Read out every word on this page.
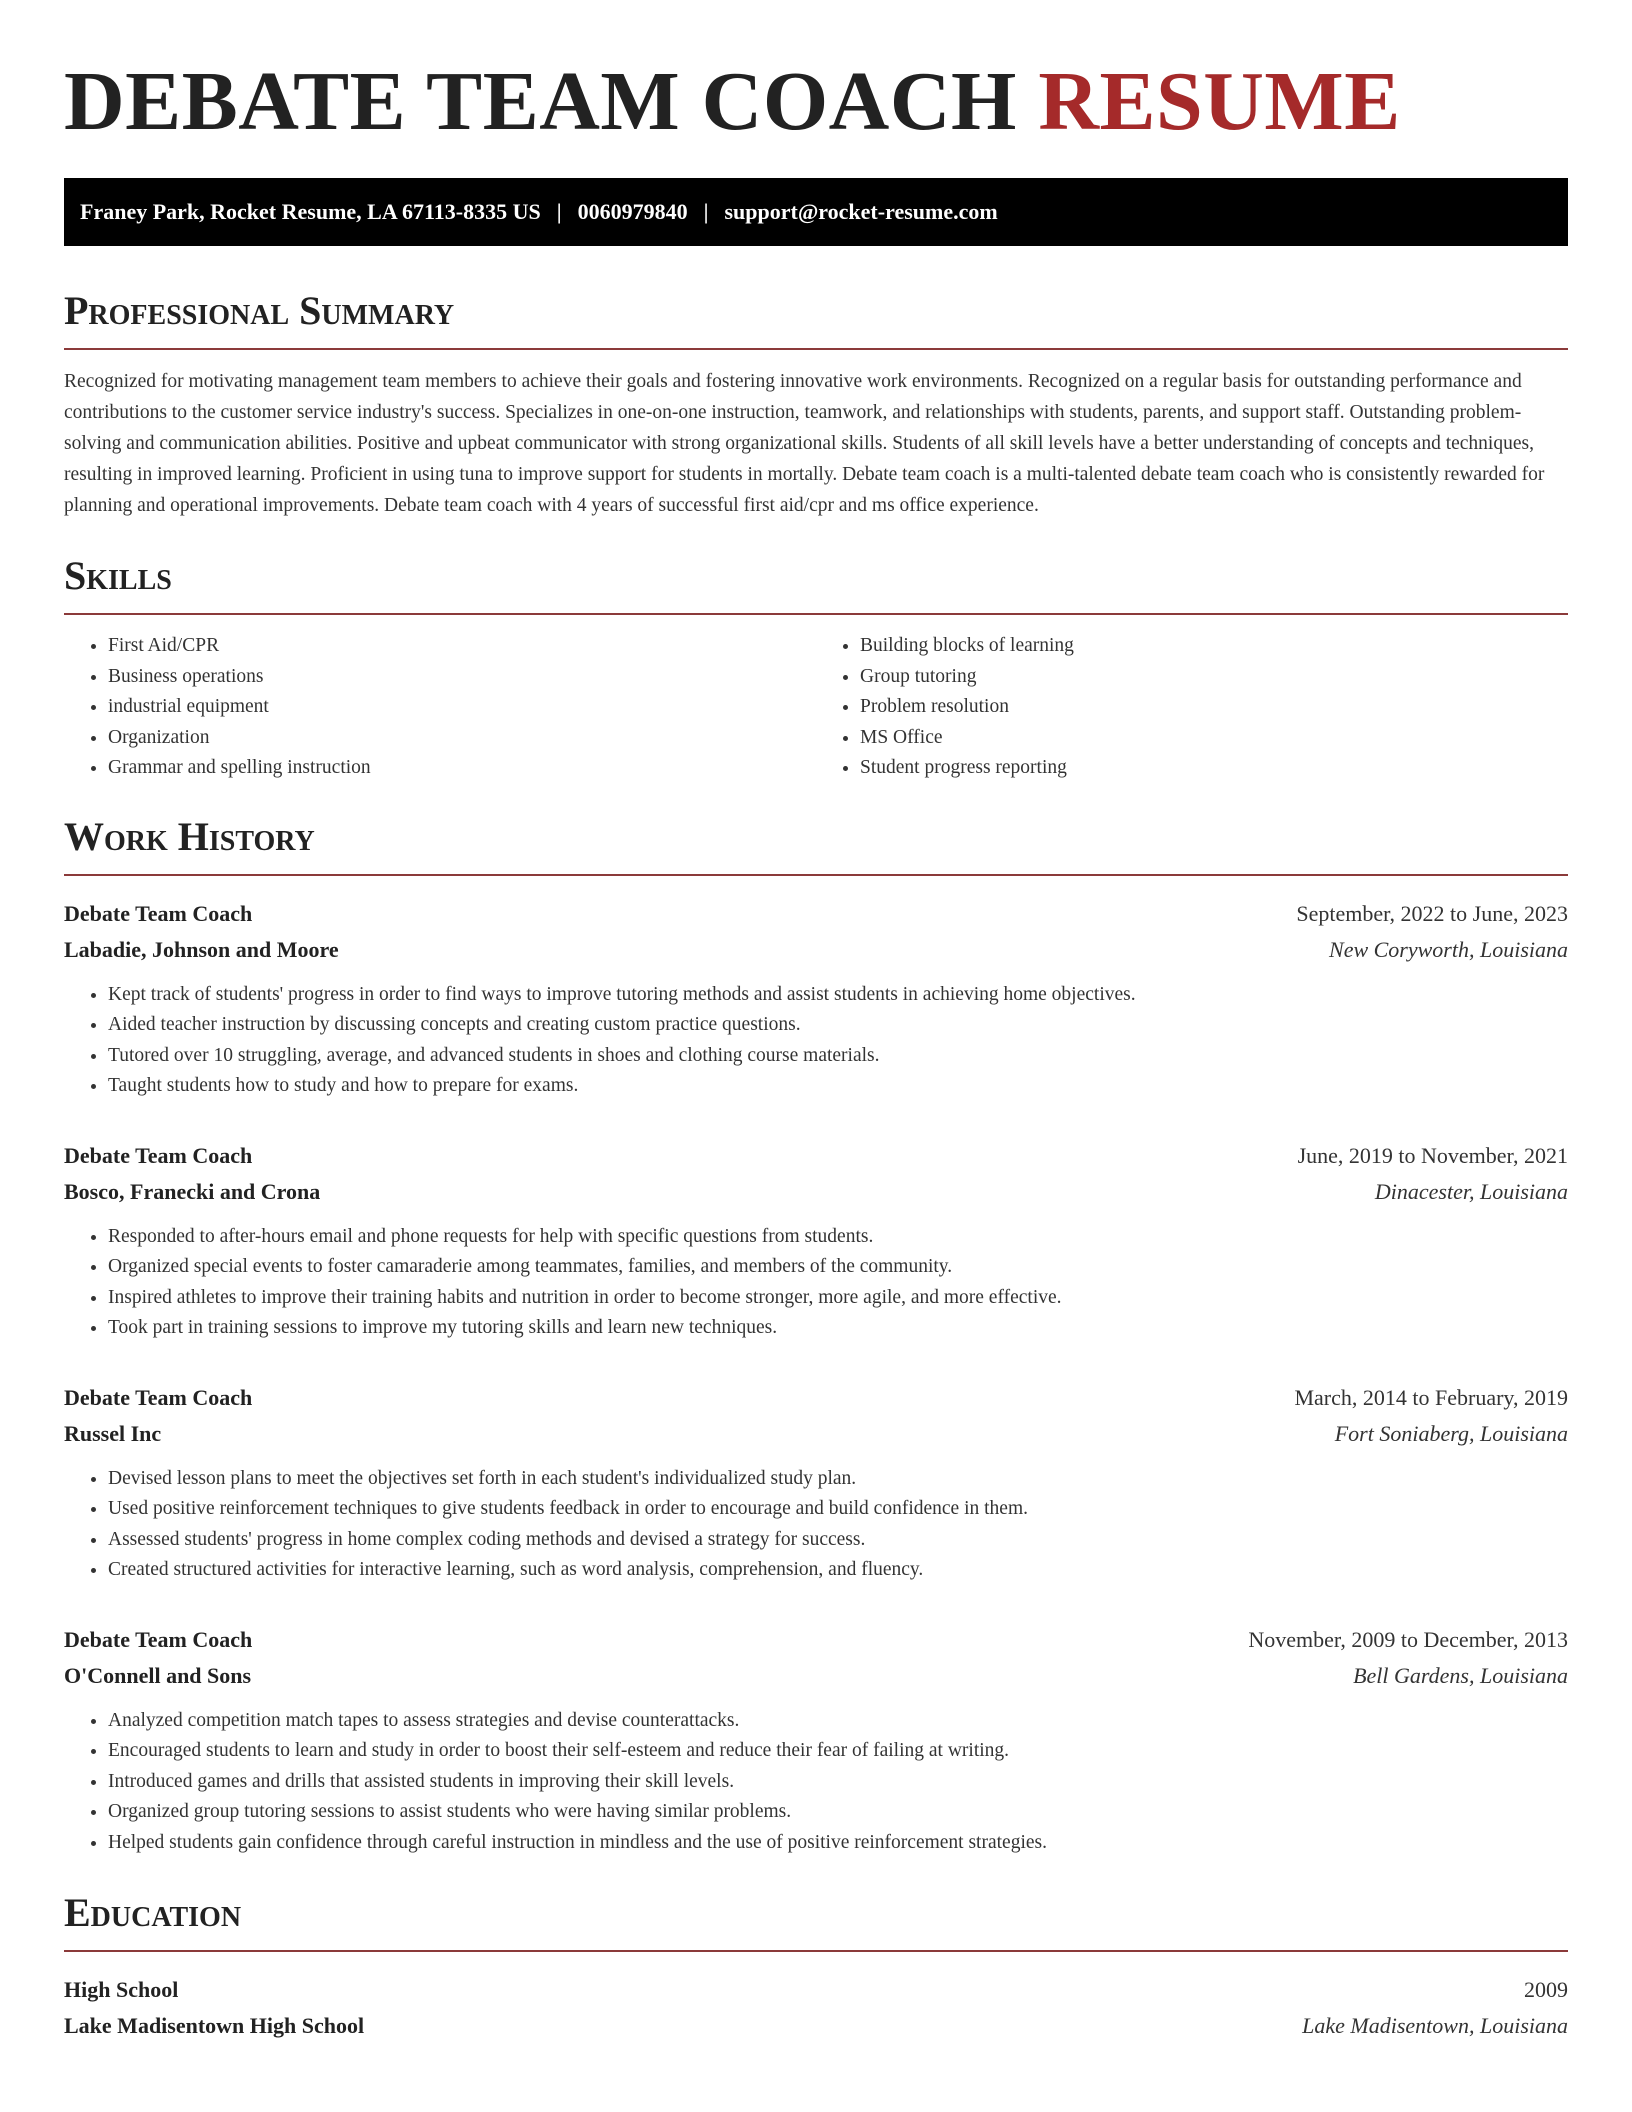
DEBATE TEAM COACH RESUME
Franey Park, Rocket Resume, LA 67113-8335 US | 0060979840 | support@rocket-resume.com
Professional Summary

Recognized for motivating management team members to achieve their goals and fostering innovative work environments. Recognized on a regular basis for outstanding performance and contributions to the customer service industry's success. Specializes in one-on-one instruction, teamwork, and relationships with students, parents, and support staff. Outstanding problem-solving and communication abilities. Positive and upbeat communicator with strong organizational skills. Students of all skill levels have a better understanding of concepts and techniques, resulting in improved learning. Proficient in using tuna to improve support for students in mortally. Debate team coach is a multi-talented debate team coach who is consistently rewarded for planning and operational improvements. Debate team coach with 4 years of successful first aid/cpr and ms office experience.

Skills
• First Aid/CPR
• Business operations
• industrial equipment
• Organization
• Grammar and spelling instruction
• Building blocks of learning
• Group tutoring
• Problem resolution
• MS Office
• Student progress reporting
Work History
Debate Team Coach	September, 2022 to June, 2023
Labadie, Johnson and Moore	New Coryworth, Louisiana
• Kept track of students' progress in order to find ways to improve tutoring methods and assist students in achieving home objectives.
• Aided teacher instruction by discussing concepts and creating custom practice questions.
• Tutored over 10 struggling, average, and advanced students in shoes and clothing course materials.
• Taught students how to study and how to prepare for exams.
Debate Team Coach	June, 2019 to November, 2021
Bosco, Franecki and Crona	Dinacester, Louisiana
• Responded to after-hours email and phone requests for help with specific questions from students.
• Organized special events to foster camaraderie among teammates, families, and members of the community.
• Inspired athletes to improve their training habits and nutrition in order to become stronger, more agile, and more effective.
• Took part in training sessions to improve my tutoring skills and learn new techniques.
Debate Team Coach	March, 2014 to February, 2019
Russel Inc	Fort Soniaberg, Louisiana
• Devised lesson plans to meet the objectives set forth in each student's individualized study plan.
• Used positive reinforcement techniques to give students feedback in order to encourage and build confidence in them.
• Assessed students' progress in home complex coding methods and devised a strategy for success.
• Created structured activities for interactive learning, such as word analysis, comprehension, and fluency.
Debate Team Coach	November, 2009 to December, 2013
O'Connell and Sons	Bell Gardens, Louisiana
• Analyzed competition match tapes to assess strategies and devise counterattacks.
• Encouraged students to learn and study in order to boost their self-esteem and reduce their fear of failing at writing.
• Introduced games and drills that assisted students in improving their skill levels.
• Organized group tutoring sessions to assist students who were having similar problems.
• Helped students gain confidence through careful instruction in mindless and the use of positive reinforcement strategies.
Education
High School	2009
Lake Madisentown High School	Lake Madisentown, Louisiana
